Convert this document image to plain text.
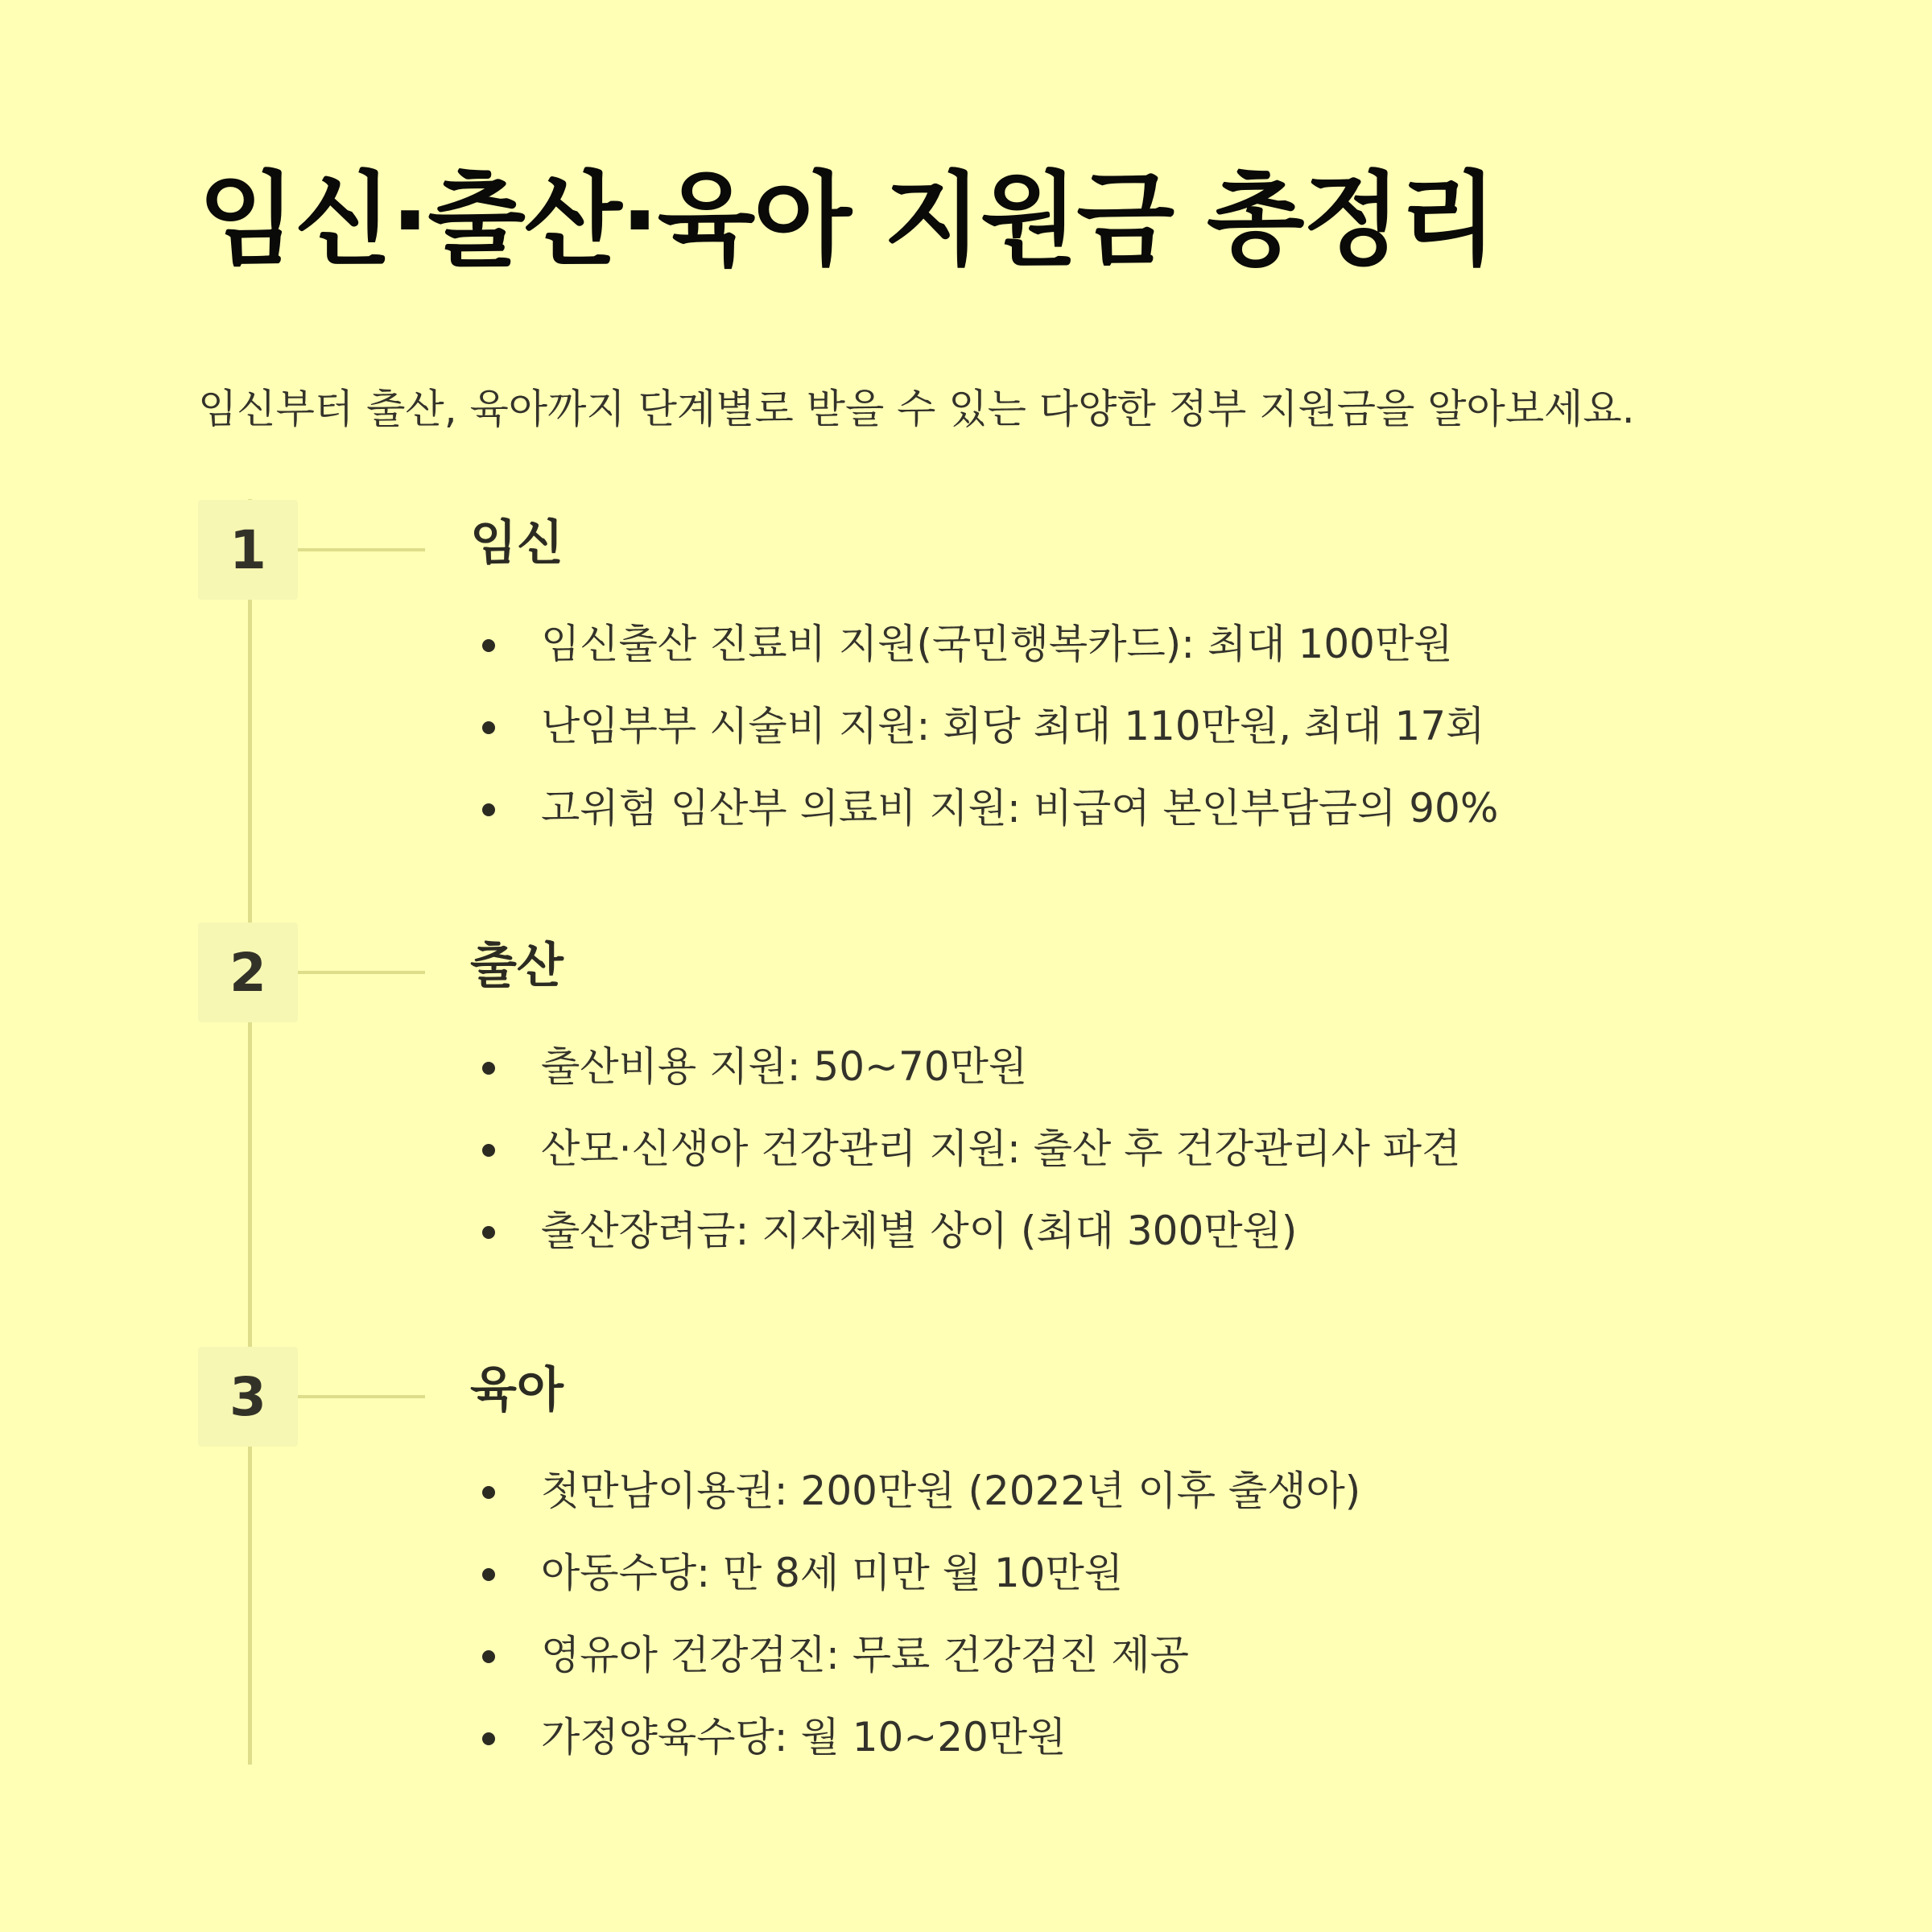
임신·출산·육아 지원금 총정리

임신부터 출산, 육아까지 단계별로 받을 수 있는 다양한 정부 지원금을 알아보세요.

1	임신
임신출산 진료비 지원(국민행복카드): 최대 100만원
난임부부 시술비 지원: 회당 최대 110만원, 최대 17회
고위험 임산부 의료비 지원: 비급여 본인부담금의 90%
2	출산
출산비용 지원: 50~70만원
산모·신생아 건강관리 지원: 출산 후 건강관리사 파견
출산장려금: 지자체별 상이 (최대 300만원)
3	육아
첫만남이용권: 200만원 (2022년 이후 출생아)
아동수당: 만 8세 미만 월 10만원
영유아 건강검진: 무료 건강검진 제공
가정양육수당: 월 10~20만원
